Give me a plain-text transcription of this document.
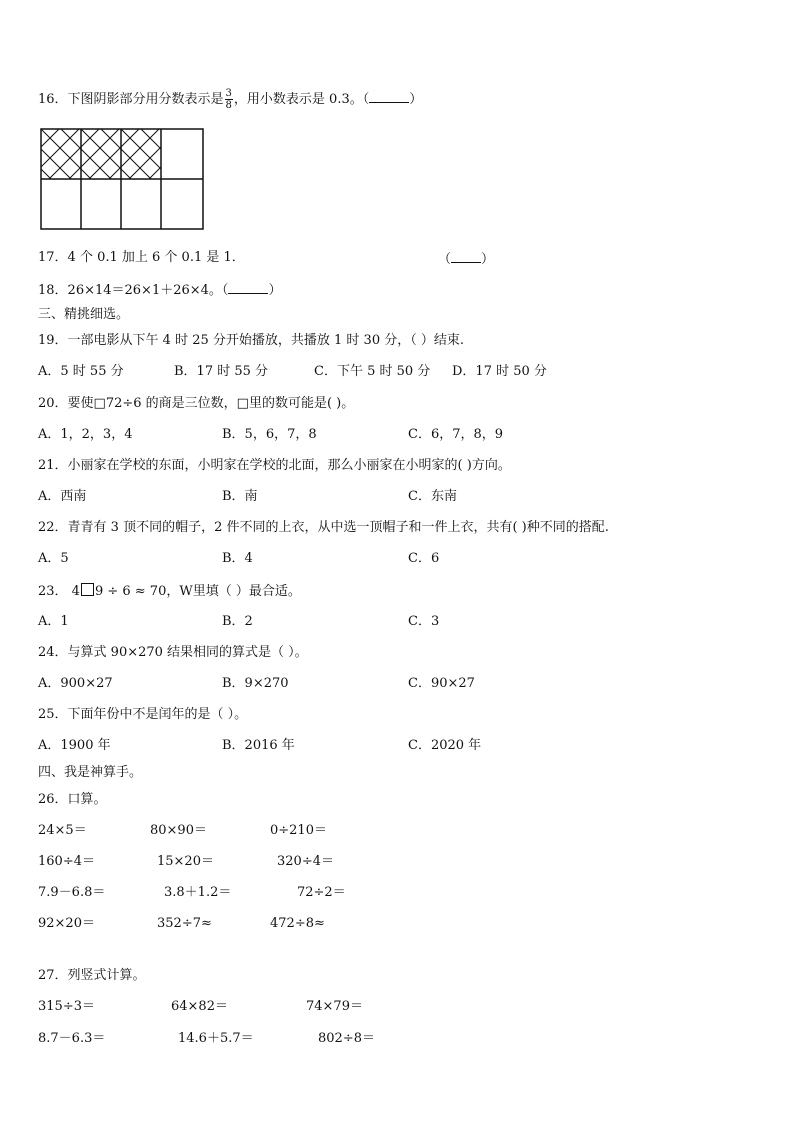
16．下图阴影部分用分数表示是 $\frac{3}{8}$ ，用小数表示是 0.3。（	）
17．4 个 0.1 加上 6 个 0.1 是 1．	（ ）
18．26×14＝26×1＋26×4。（	）
三、精挑细选。
19．一部电影从下午 4 时 25 分开始播放，共播放 1 时 30 分，（ ）结束.
A．5 时 55 分	B．17 时 55 分	C．下午 5 时 50 分 D．17 时 50 分
20．要使□72÷6 的商是三位数，□里的数可能是( )。
A．1，2，3，4	B．5，6，7，8	C．6，7，8，9
21．小丽家在学校的东面，小明家在学校的北面，那么小丽家在小明家的( )方向。
A．西南	B．南	C．东南
22．青青有 3 顶不同的帽子，2 件不同的上衣，从中选一顶帽子和一件上衣，共有( )种不同的搭配.
A．5	B．4	C．6
23． 4 9 ÷ 6 ≈ 70，W里填（ ）最合适。
A．1	B．2	C．3
24．与算式 90×270 结果相同的算式是（ ）。
A．900×27	B．9×270	C．90×27
25．下面年份中不是闰年的是（ ）。
A．1900 年	B．2016 年	C．2020 年
四、我是神算手。
26．口算。
24×5＝	80×90＝	0÷210＝
160÷4＝	15×20＝	320÷4＝
7.9－6.8＝	3.8＋1.2＝	72÷2＝
92×20＝	352÷7≈	472÷8≈
27．列竖式计算。
315÷3＝	64×82＝	74×79＝
8.7－6.3＝	14.6＋5.7＝	802÷8＝
